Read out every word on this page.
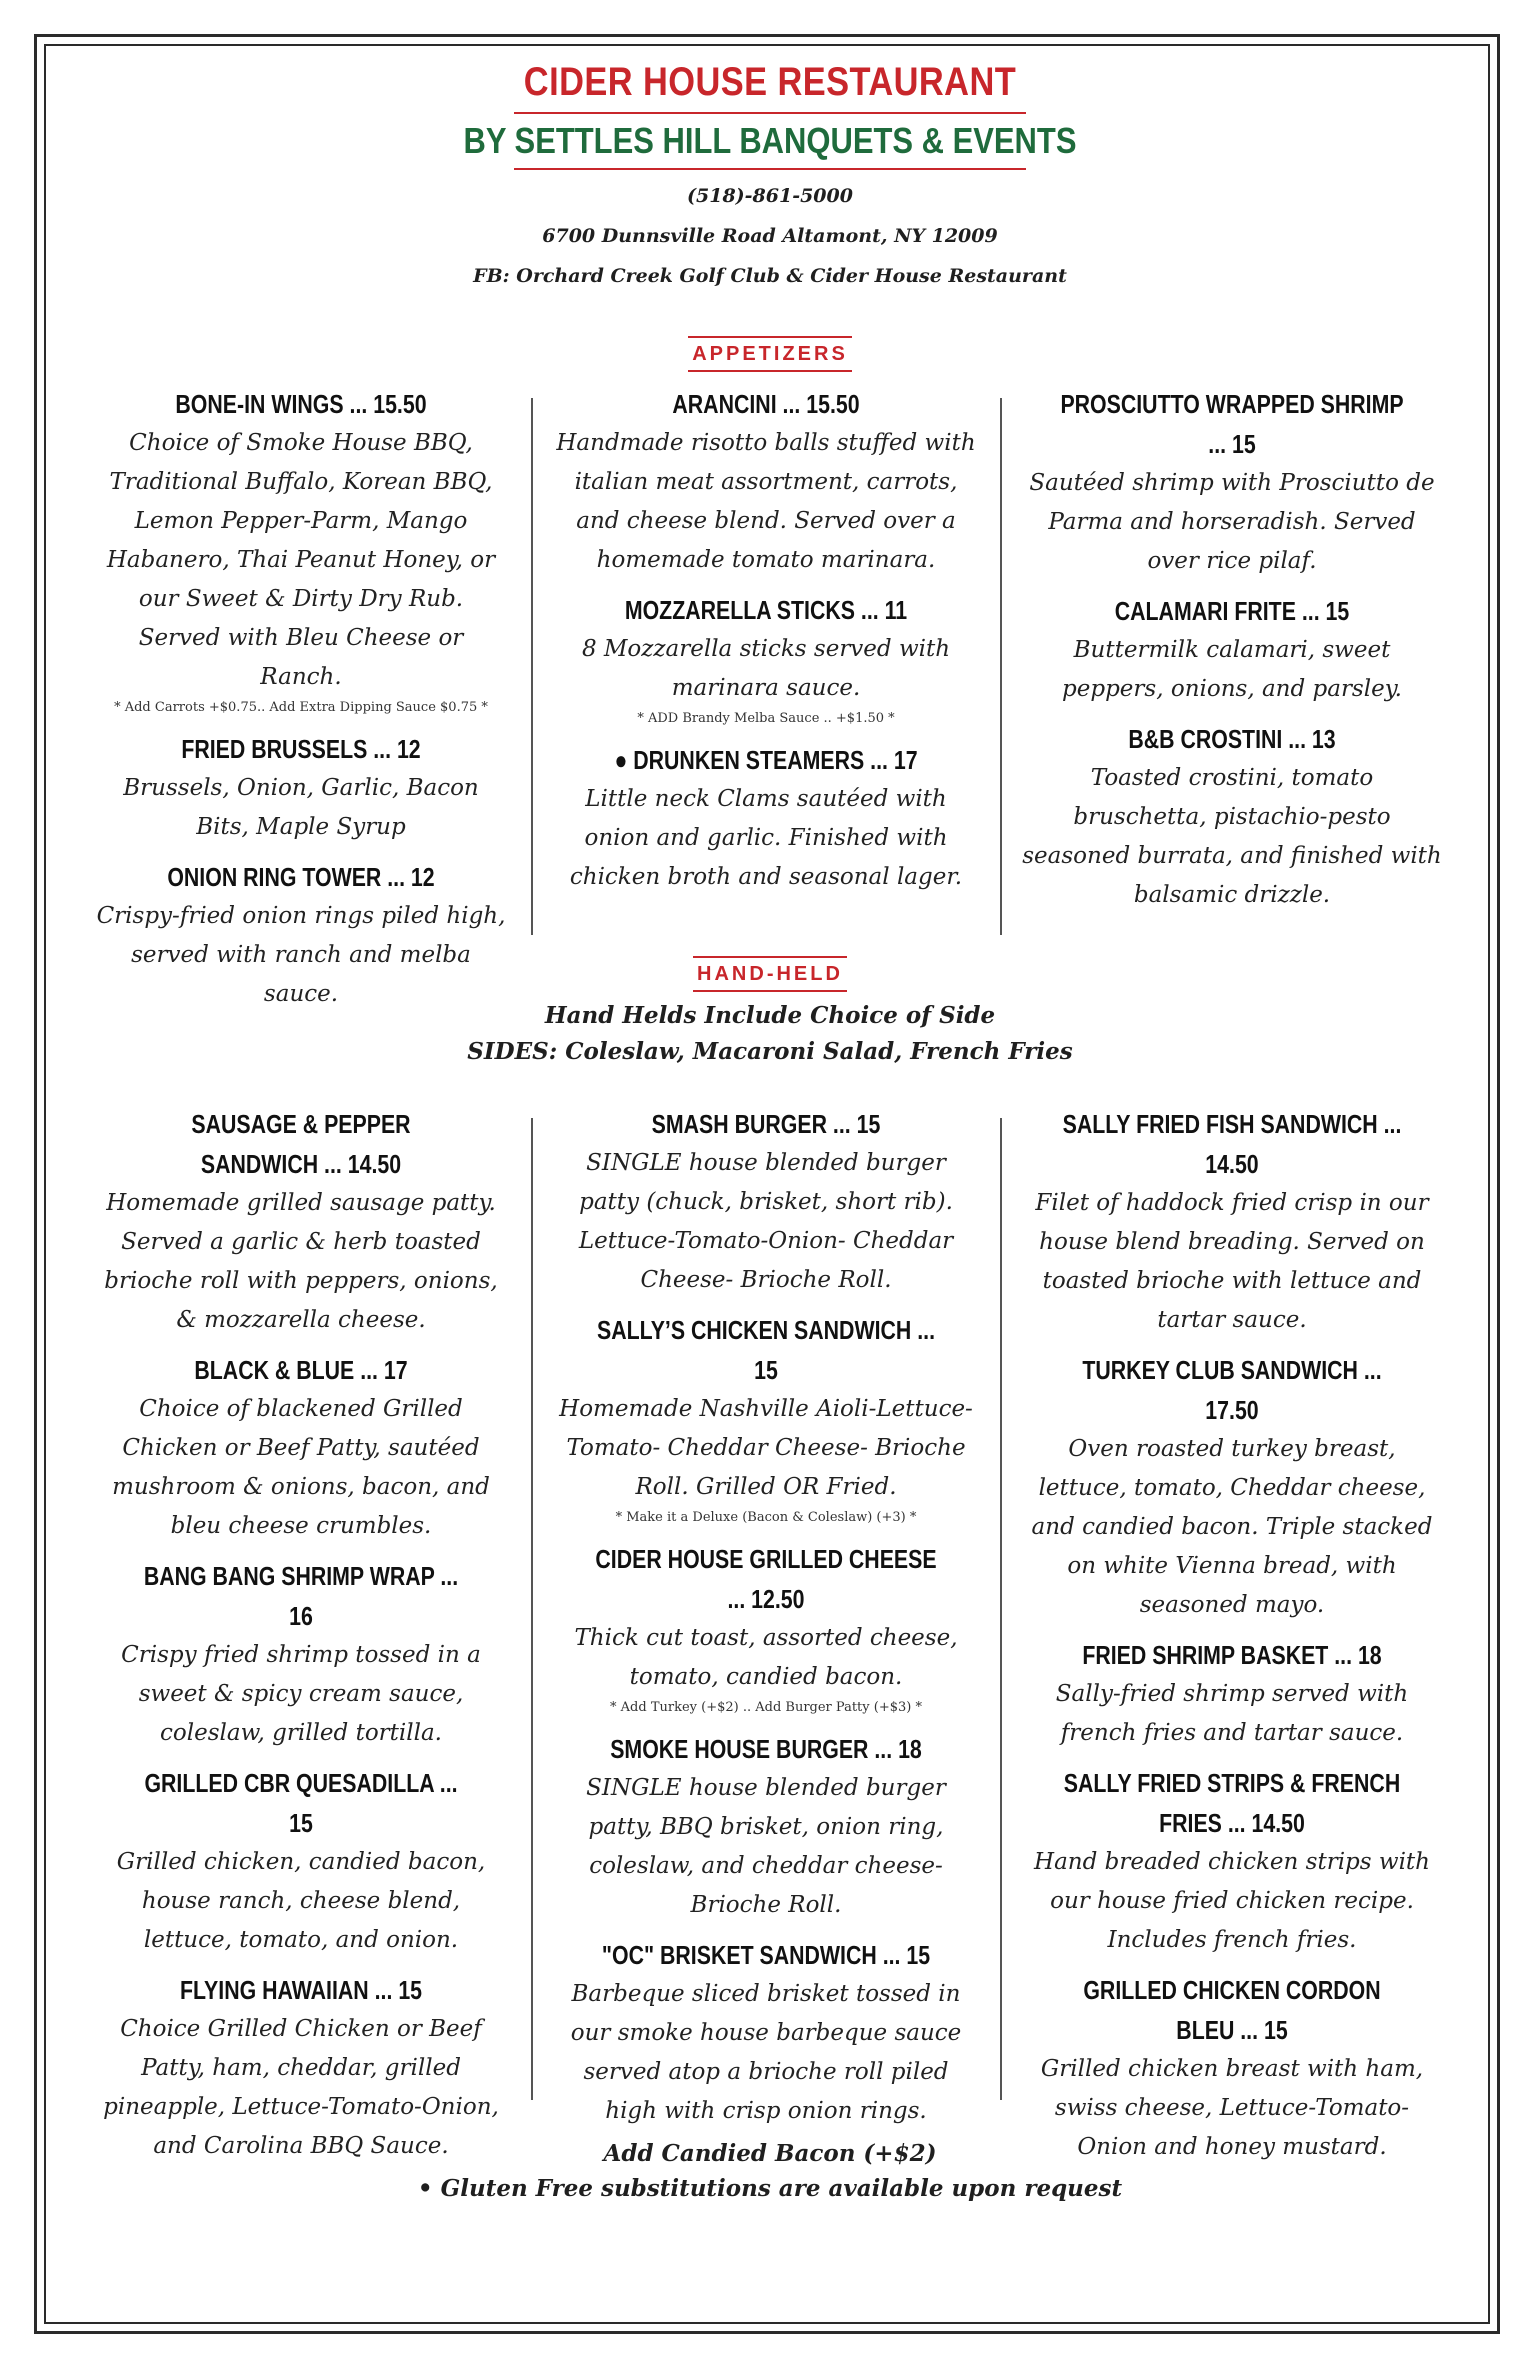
CIDER HOUSE RESTAURANT
BY SETTLES HILL BANQUETS & EVENTS
(518)-861-5000
6700 Dunnsville Road Altamont, NY 12009
FB: Orchard Creek Golf Club & Cider House Restaurant
APPETIZERS
BONE-IN WINGS ... 15.50
Choice of Smoke House BBQ, Traditional Buffalo, Korean BBQ, Lemon Pepper-Parm, Mango Habanero, Thai Peanut Honey, or our Sweet & Dirty Dry Rub. Served with Bleu Cheese or Ranch.
* Add Carrots +$0.75.. Add Extra Dipping Sauce $0.75 *
FRIED BRUSSELS ... 12
Brussels, Onion, Garlic, Bacon Bits, Maple Syrup
ONION RING TOWER ... 12
Crispy-fried onion rings piled high, served with ranch and melba sauce.
ARANCINI ... 15.50
Handmade risotto balls stuffed with italian meat assortment, carrots, and cheese blend. Served over a homemade tomato marinara.
MOZZARELLA STICKS ... 11
8 Mozzarella sticks served with marinara sauce.
* ADD Brandy Melba Sauce .. +$1.50 *
● DRUNKEN STEAMERS ... 17
Little neck Clams sautéed with onion and garlic. Finished with chicken broth and seasonal lager.
PROSCIUTTO WRAPPED SHRIMP ... 15
Sautéed shrimp with Prosciutto de Parma and horseradish. Served over rice pilaf.
CALAMARI FRITE ... 15
Buttermilk calamari, sweet peppers, onions, and parsley.
B&B CROSTINI ... 13
Toasted crostini, tomato bruschetta, pistachio-pesto seasoned burrata, and finished with balsamic drizzle.
HAND-HELD
Hand Helds Include Choice of Side
SIDES: Coleslaw, Macaroni Salad, French Fries
SAUSAGE & PEPPER SANDWICH ... 14.50
Homemade grilled sausage patty. Served a garlic & herb toasted brioche roll with peppers, onions, & mozzarella cheese.
BLACK & BLUE ... 17
Choice of blackened Grilled Chicken or Beef Patty, sautéed mushroom & onions, bacon, and bleu cheese crumbles.
BANG BANG SHRIMP WRAP ... 16
Crispy fried shrimp tossed in a sweet & spicy cream sauce, coleslaw, grilled tortilla.
GRILLED CBR QUESADILLA ... 15
Grilled chicken, candied bacon, house ranch, cheese blend, lettuce, tomato, and onion.
FLYING HAWAIIAN ... 15
Choice Grilled Chicken or Beef Patty, ham, cheddar, grilled pineapple, Lettuce-Tomato-Onion, and Carolina BBQ Sauce.
SMASH BURGER ... 15
SINGLE house blended burger patty (chuck, brisket, short rib). Lettuce-Tomato-Onion- Cheddar Cheese- Brioche Roll.
SALLY’S CHICKEN SANDWICH ... 15
Homemade Nashville Aioli-Lettuce-Tomato- Cheddar Cheese- Brioche Roll. Grilled OR Fried.
* Make it a Deluxe (Bacon & Coleslaw) (+3) *
CIDER HOUSE GRILLED CHEESE ... 12.50
Thick cut toast, assorted cheese, tomato, candied bacon.
* Add Turkey (+$2) .. Add Burger Patty (+$3) *
SMOKE HOUSE BURGER ... 18
SINGLE house blended burger patty, BBQ brisket, onion ring, coleslaw, and cheddar cheese- Brioche Roll.
"OC" BRISKET SANDWICH ... 15
Barbeque sliced brisket tossed in our smoke house barbeque sauce served atop a brioche roll piled high with crisp onion rings.
SALLY FRIED FISH SANDWICH ... 14.50
Filet of haddock fried crisp in our house blend breading. Served on toasted brioche with lettuce and tartar sauce.
TURKEY CLUB SANDWICH ... 17.50
Oven roasted turkey breast, lettuce, tomato, Cheddar cheese, and candied bacon. Triple stacked on white Vienna bread, with seasoned mayo.
FRIED SHRIMP BASKET ... 18
Sally-fried shrimp served with french fries and tartar sauce.
SALLY FRIED STRIPS & FRENCH FRIES ... 14.50
Hand breaded chicken strips with our house fried chicken recipe. Includes french fries.
GRILLED CHICKEN CORDON BLEU ... 15
Grilled chicken breast with ham, swiss cheese, Lettuce-Tomato-Onion and honey mustard.
Add Candied Bacon (+$2)
• Gluten Free substitutions are available upon request
